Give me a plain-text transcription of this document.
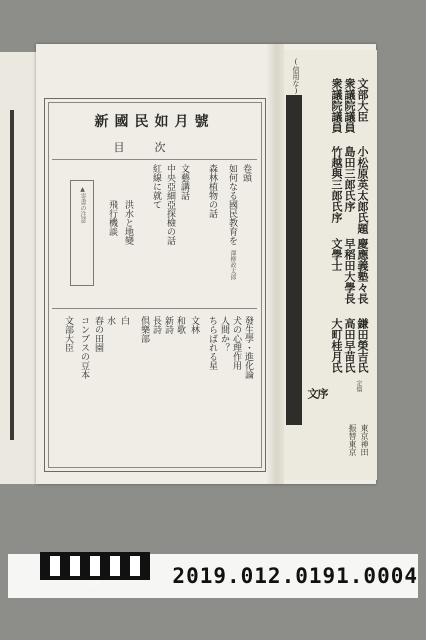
新國民如月號
目次
卷頭
如何なる國民教育を
澤柳政太郎
森林植物の話
文藝講話
中央亞細亞探檢の話
紅線に就て
洪水と地變
飛行機談
▲寄書の注意
發生學・進化論
犬の心理作用
人間か？
ちらばれる星
文林
和歌
新詩
長詩
倶樂部
白
水
春の田園
コンブスの豆本
文部大臣
(信用な)
文部大臣
衆議院議員
衆議院議員
小松原英太郎氏題
島田三郎氏序
竹越與三郎氏序
慶應義塾々長
早稻田大學長
文學士
鎌田榮吉氏
高田早苗氏
大町桂月氏
序
文
定價
東京神田
振替東京
cm	2019.012.0191.0004
